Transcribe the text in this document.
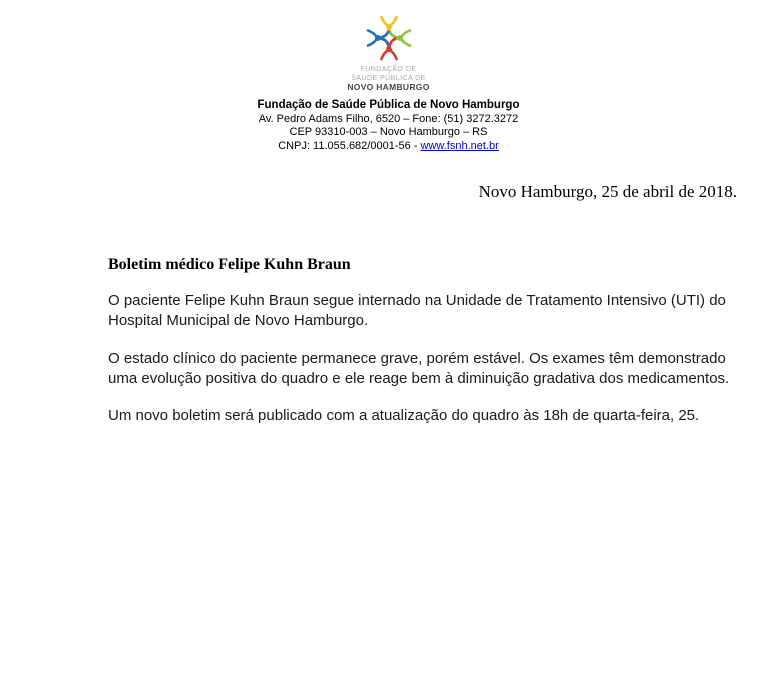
FUNDAÇÃO DE
SAÚDE PÚBLICA DE
NOVO HAMBURGO
Fundação de Saúde Pública de Novo Hamburgo
Av. Pedro Adams Filho, 6520 – Fone: (51) 3272.3272
CEP 93310-003 – Novo Hamburgo – RS
CNPJ: 11.055.682/0001-56 - www.fsnh.net.br
Novo Hamburgo, 25 de abril de 2018.
Boletim médico Felipe Kuhn Braun

O paciente Felipe Kuhn Braun segue internado na Unidade de Tratamento Intensivo (UTI) do Hospital Municipal de Novo Hamburgo.

O estado clínico do paciente permanece grave, porém estável. Os exames têm demonstrado uma evolução positiva do quadro e ele reage bem à diminuição gradativa dos medicamentos.

Um novo boletim será publicado com a atualização do quadro às 18h de quarta-feira, 25.
